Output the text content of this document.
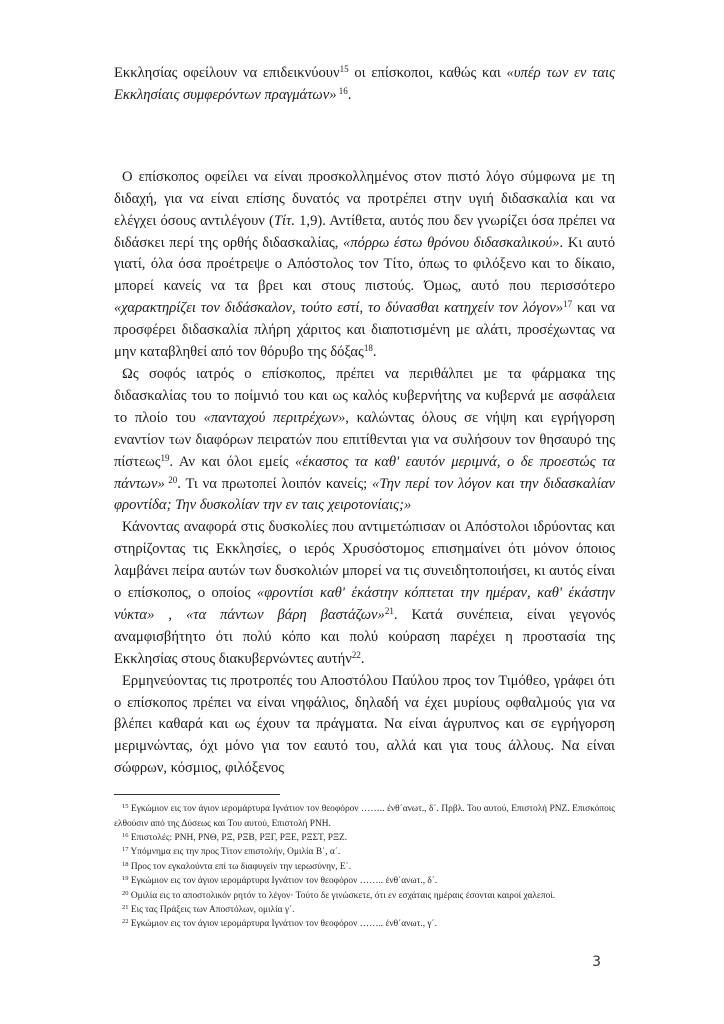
Εκκλησίας οφείλουν να επιδεικνύουν$^{15}$ οι επίσκοποι, καθώς και «υπέρ των εν ταις Εκκλησίαις συμφερόντων πραγμάτων» $^{16}$.

Ο επίσκοπος οφείλει να είναι προσκολλημένος στον πιστό λόγο σύμφωνα με τη διδαχή, για να είναι επίσης δυνατός να προτρέπει στην υγιή διδασκαλία και να ελέγχει όσους αντιλέγουν (Τίτ. 1,9). Αντίθετα, αυτός που δεν γνωρίζει όσα πρέπει να διδάσκει περί της ορθής διδασκαλίας, «πόρρω έστω θρόνου διδασκαλικού». Κι αυτό γιατί, όλα όσα προέτρεψε ο Απόστολος τον Τίτο, όπως το φιλόξενο και το δίκαιο, μπορεί κανείς να τα βρει και στους πιστούς. Όμως, αυτό που περισσότερο «χαρακτηρίζει τον διδάσκαλον, τούτο εστί, το δύνασθαι κατηχείν τον λόγον»$^{17}$ και να προσφέρει διδασκαλία πλήρη χάριτος και διαποτισμένη με αλάτι, προσέχωντας να μην καταβληθεί από τον θόρυβο της δόξας$^{18}$.

Ως σοφός ιατρός ο επίσκοπος, πρέπει να περιθάλπει με τα φάρμακα της διδασκαλίας του το ποίμνιό του και ως καλός κυβερνήτης να κυβερνά με ασφάλεια το πλοίο του «πανταχού περιτρέχων», καλώντας όλους σε νήψη και εγρήγορση εναντίον των διαφόρων πειρατών που επιτίθενται για να συλήσουν τον θησαυρό της πίστεως$^{19}$. Αν και όλοι εμείς «έκαστος τα καθ' εαυτόν μεριμνά, ο δε προεστώς τα πάντων» $^{20}$. Τι να πρωτοπεί λοιπόν κανείς; «Την περί τον λόγον και την διδασκαλίαν φροντίδα; Την δυσκολίαν την εν ταις χειροτονίαις;»

Κάνοντας αναφορά στις δυσκολίες που αντιμετώπισαν οι Απόστολοι ιδρύοντας και στηρίζοντας τις Εκκλησίες, ο ιερός Χρυσόστομος επισημαίνει ότι μόνον όποιος λαμβάνει πείρα αυτών των δυσκολιών μπορεί να τις συνειδητοποιήσει, κι αυτός είναι ο επίσκοπος, ο οποίος «φροντίσι καθ' έκάστην κόπτεται την ημέραν, καθ' έκάστην νύκτα» , «τα πάντων βάρη βαστάζων»$^{21}$. Κατά συνέπεια, είναι γεγονός αναμφισβήτητο ότι πολύ κόπο και πολύ κούραση παρέχει η προστασία της Εκκλησίας στους διακυβερνώντες αυτήν$^{22}$.

Ερμηνεύοντας τις προτροπές του Αποστόλου Παύλου προς τον Τιμόθεο, γράφει ότι ο επίσκοπος πρέπει να είναι νηφάλιος, δηλαδή να έχει μυρίους οφθαλμούς για να βλέπει καθαρά και ως έχουν τα πράγματα. Να είναι άγρυπνος και σε εγρήγορση μεριμνώντας, όχι μόνο για τον εαυτό του, αλλά και για τους άλλους. Να είναι σώφρων, κόσμιος, φιλόξενος

$^{15}$ Εγκώμιον εις τον άγιον ιερομάρτυρα Ιγνάτιον τον θεοφόρον …….. ένθ΄ανωτ., δ΄. Πρβλ. Του αυτού, Επιστολή ΡΝΖ. Επισκόποις ελθούσιν από της Δύσεως και Του αυτού, Επιστολή ΡΝΗ.

$^{16}$ Επιστολές: ΡΝΗ, ΡΝΘ, ΡΞ, ΡΞΒ, ΡΞΓ, ΡΞΕ, ΡΞΣΤ, ΡΞΖ.

$^{17}$ Υπόμνημα εις την προς Τίτον επιστολήν, Ομιλία Β΄, α΄.

$^{18}$ Προς τον εγκαλούντα επί τω διαφυγείν την ιερωσύνην, Ε΄.

$^{19}$ Εγκώμιον εις τον άγιον ιερομάρτυρα Ιγνάτιον τον θεοφόρον …….. ένθ΄ανωτ., δ΄.

$^{20}$ Ομιλία εις το αποστολικόν ρητόν το λέγον· Τούτο δε γινώσκετε, ότι εν εσχάταις ημέραις έσονται καιροί χαλεποί.

$^{21}$ Εις τας Πράξεις των Αποστόλων, ομιλία γ΄.

$^{22}$ Εγκώμιον εις τον άγιον ιερομάρτυρα Ιγνάτιον τον θεοφόρον …….. ένθ΄ανωτ., γ΄.

3
